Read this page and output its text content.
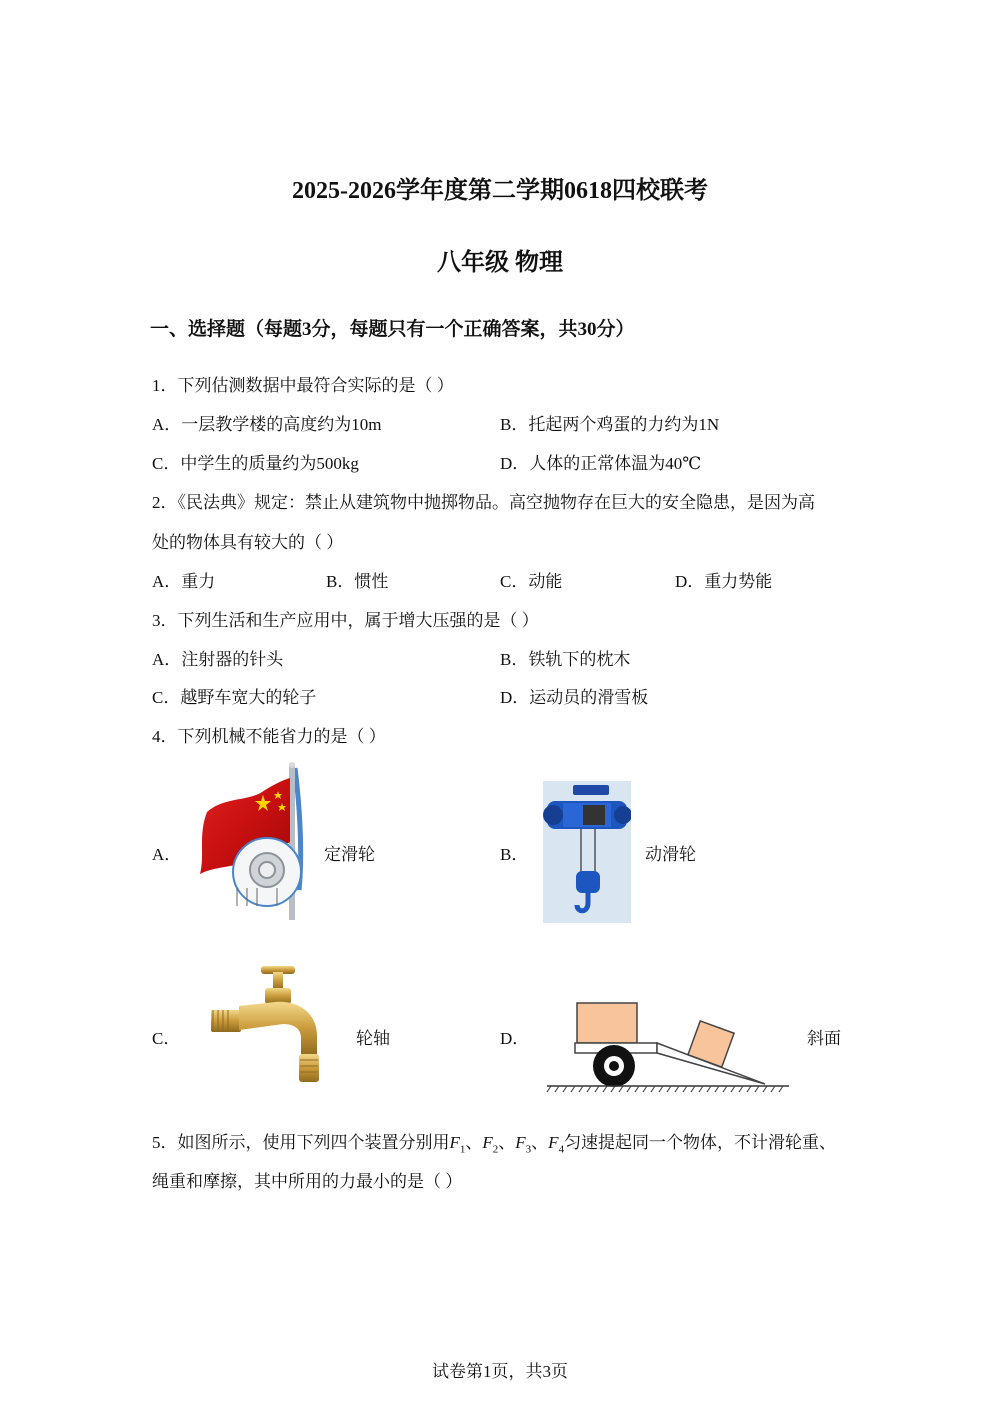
2025-2026学年度第二学期0618四校联考
八年级 物理
一、选择题（每题3分，每题只有一个正确答案，共30分）
1．下列估测数据中最符合实际的是（ ）
A．一层教学楼的高度约为10m	B．托起两个鸡蛋的力约为1N
C．中学生的质量约为500kg	D．人体的正常体温为40℃
2．《民法典》规定：禁止从建筑物中抛掷物品。高空抛物存在巨大的安全隐患，是因为高
处的物体具有较大的（ ）
A．重力	B．惯性	C．动能	D．重力势能
3．下列生活和生产应用中，属于增大压强的是（ ）
A．注射器的针头	B．铁轨下的枕木
C．越野车宽大的轮子	D．运动员的滑雪板
4．下列机械不能省力的是（ ）
A．	定滑轮	B．	动滑轮
C．	轮轴	D．	斜面
5．如图所示，使用下列四个装置分别用$F_1$、$F_2$、$F_3$、$F_4$匀速提起同一个物体，不计滑轮重、
绳重和摩擦，其中所用的力最小的是（ ）
试卷第1页，共3页
